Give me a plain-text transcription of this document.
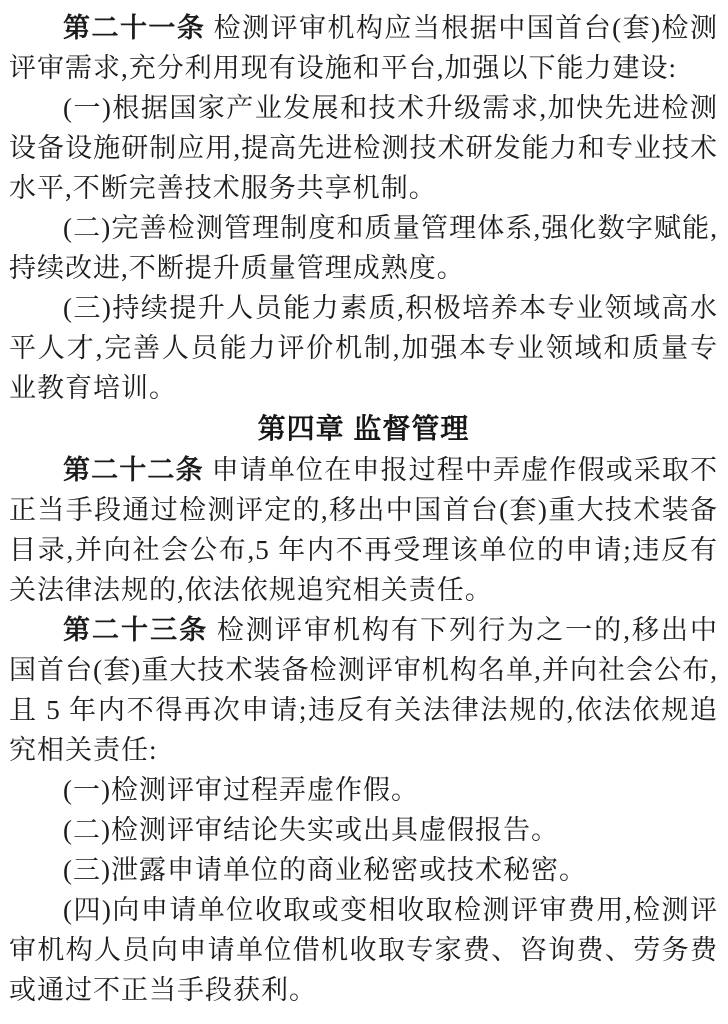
第二十一条 检测评审机构应当根据中国首台(套)检测评审需求,充分利用现有设施和平台,加强以下能力建设:

(一)根据国家产业发展和技术升级需求,加快先进检测设备设施研制应用,提高先进检测技术研发能力和专业技术水平,不断完善技术服务共享机制。

(二)完善检测管理制度和质量管理体系,强化数字赋能,持续改进,不断提升质量管理成熟度。

(三)持续提升人员能力素质,积极培养本专业领域高水平人才,完善人员能力评价机制,加强本专业领域和质量专业教育培训。

第四章 监督管理

第二十二条 申请单位在申报过程中弄虚作假或采取不正当手段通过检测评定的,移出中国首台(套)重大技术装备目录,并向社会公布,5 年内不再受理该单位的申请;违反有关法律法规的,依法依规追究相关责任。

第二十三条 检测评审机构有下列行为之一的,移出中国首台(套)重大技术装备检测评审机构名单,并向社会公布,且 5 年内不得再次申请;违反有关法律法规的,依法依规追究相关责任:

(一)检测评审过程弄虚作假。

(二)检测评审结论失实或出具虚假报告。

(三)泄露申请单位的商业秘密或技术秘密。

(四)向申请单位收取或变相收取检测评审费用,检测评审机构人员向申请单位借机收取专家费、咨询费、劳务费或通过不正当手段获利。
